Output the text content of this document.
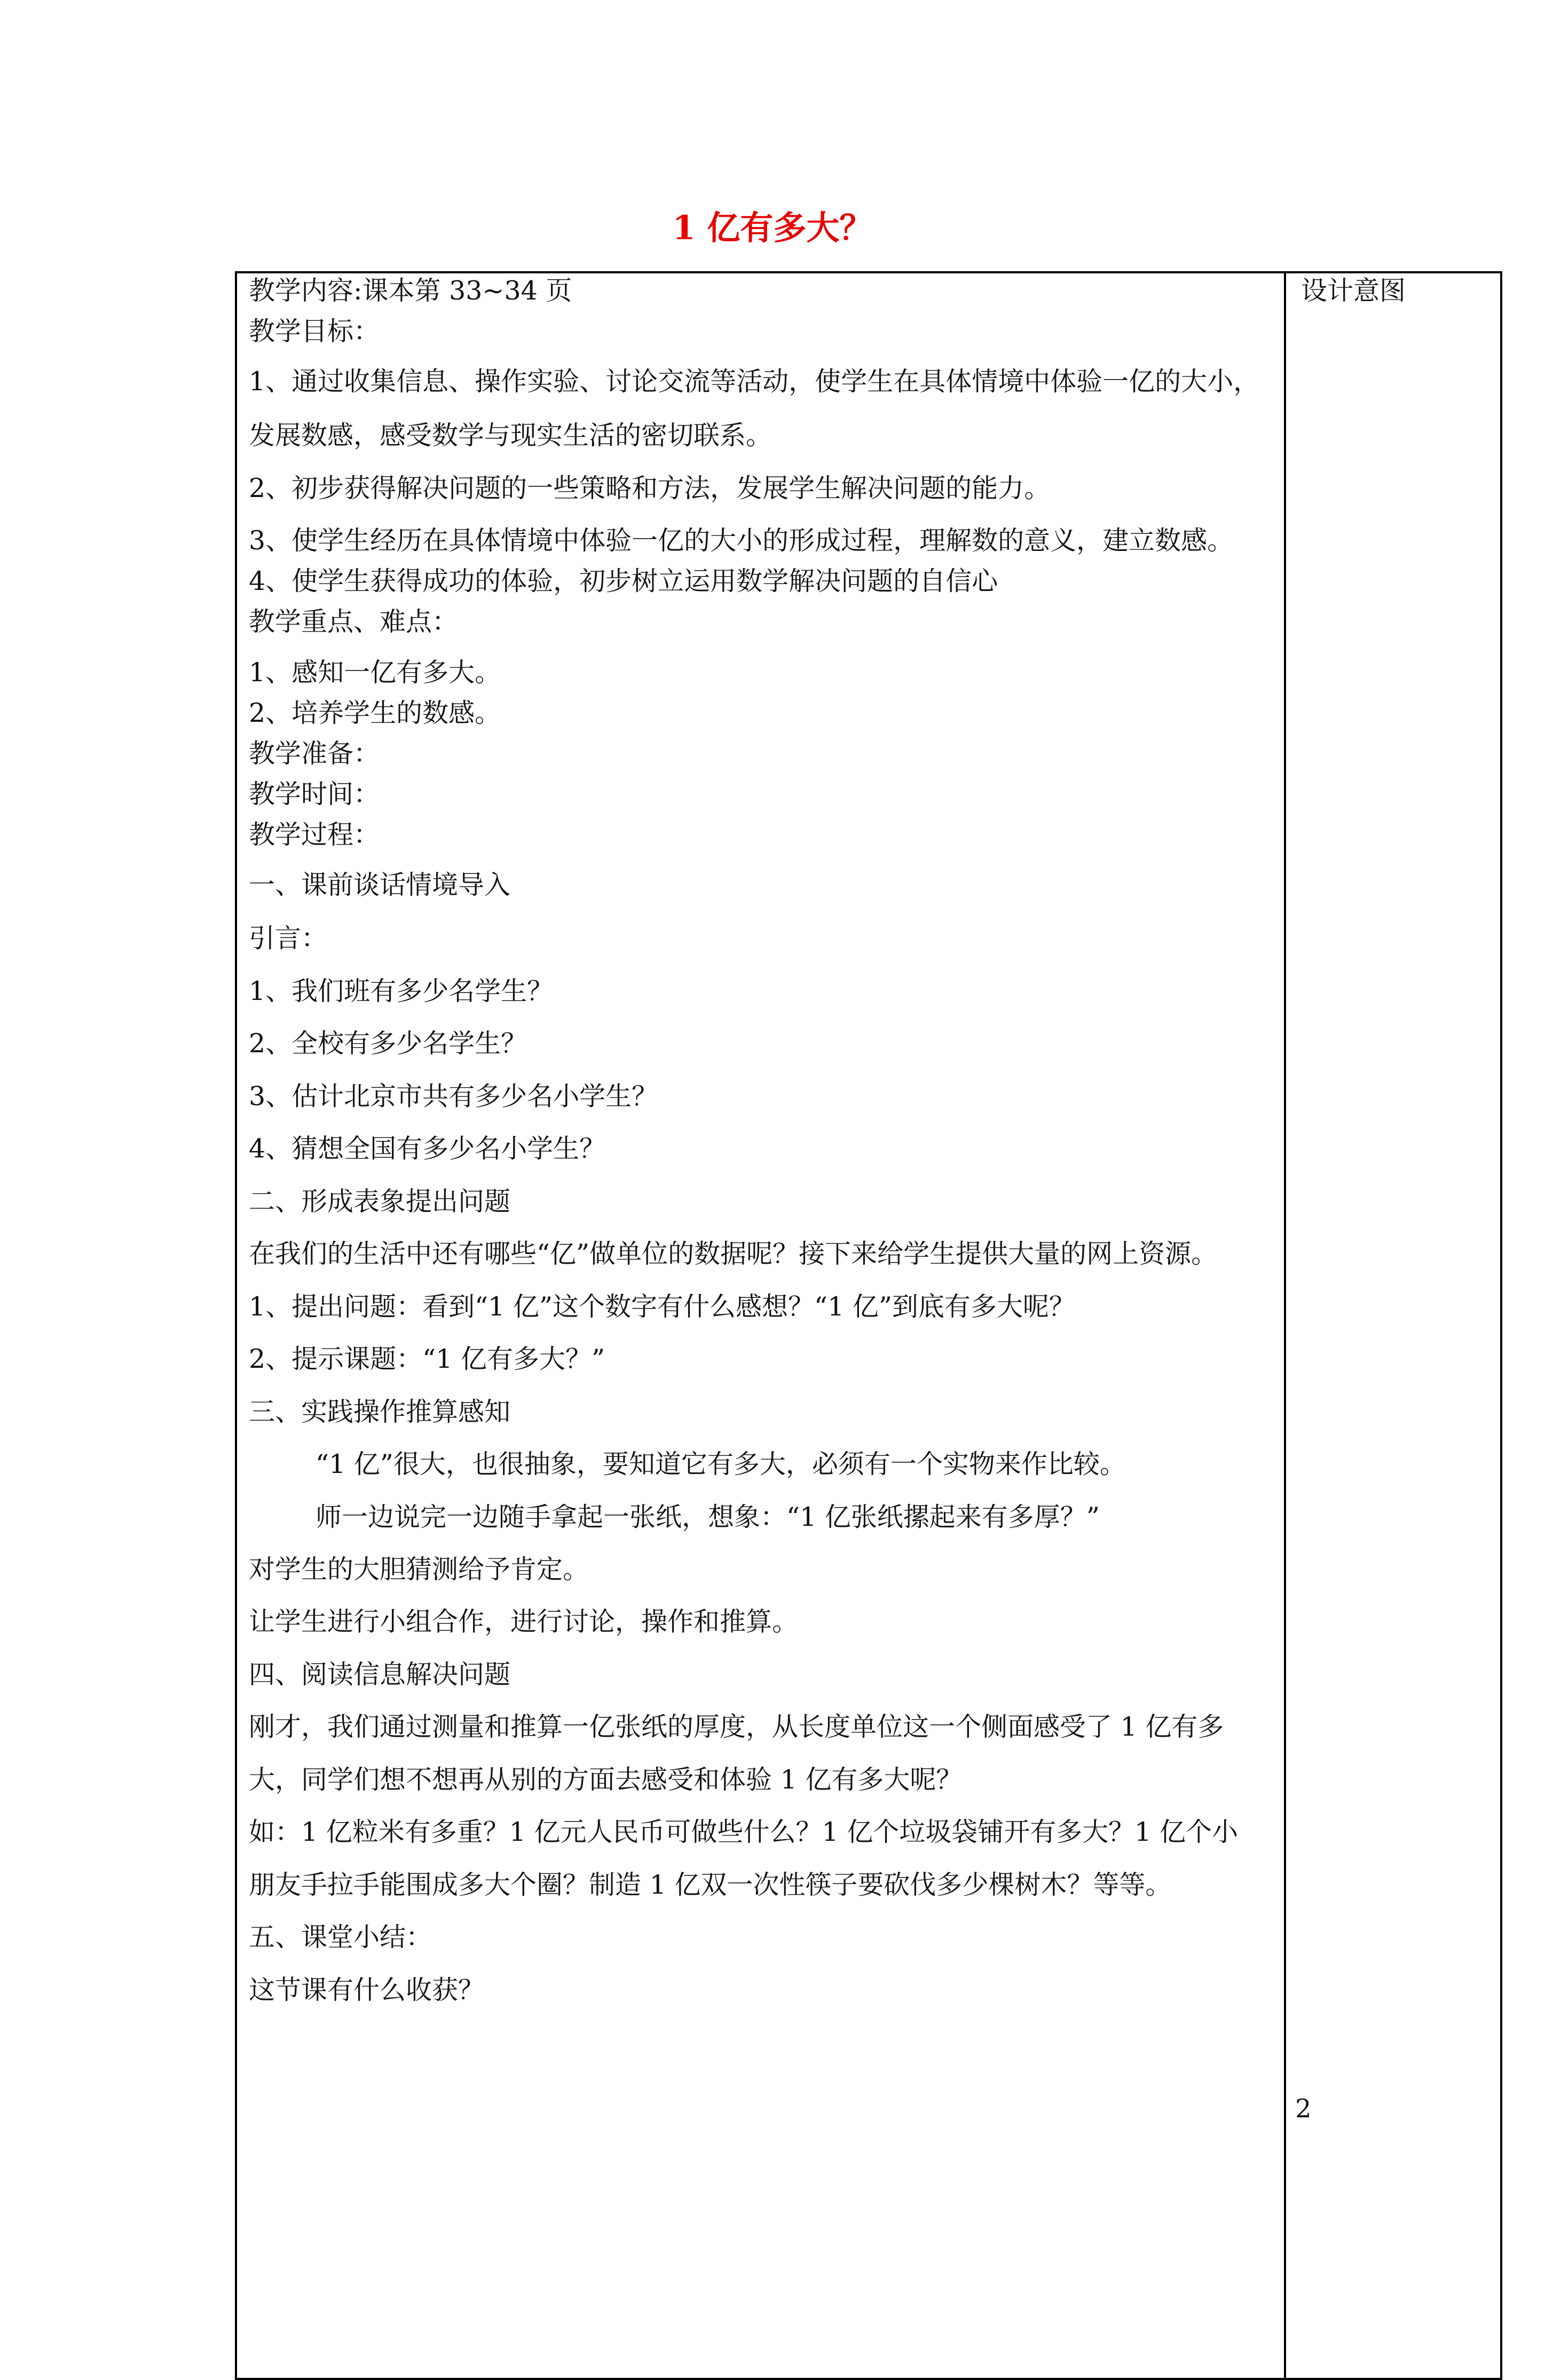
1 亿有多大？
设计意图
教学内容:课本第 33~34 页
教学目标：
1、通过收集信息、操作实验、讨论交流等活动，使学生在具体情境中体验一亿的大小，
发展数感，感受数学与现实生活的密切联系。
2、初步获得解决问题的一些策略和方法，发展学生解决问题的能力。
3、使学生经历在具体情境中体验一亿的大小的形成过程，理解数的意义，建立数感。
4、使学生获得成功的体验，初步树立运用数学解决问题的自信心
教学重点、难点：
1、感知一亿有多大。
2、培养学生的数感。
教学准备：
教学时间：
教学过程：
一、课前谈话情境导入
引言：
1、我们班有多少名学生？
2、全校有多少名学生？
3、估计北京市共有多少名小学生？
4、猜想全国有多少名小学生？
二、形成表象提出问题
在我们的生活中还有哪些“亿”做单位的数据呢？接下来给学生提供大量的网上资源。
1、提出问题：看到“1 亿”这个数字有什么感想？“1 亿”到底有多大呢？
2、提示课题：“1 亿有多大？”
三、实践操作推算感知
“1 亿”很大，也很抽象，要知道它有多大，必须有一个实物来作比较。
师一边说完一边随手拿起一张纸，想象：“1 亿张纸摞起来有多厚？”
对学生的大胆猜测给予肯定。
让学生进行小组合作，进行讨论，操作和推算。
四、阅读信息解决问题
刚才，我们通过测量和推算一亿张纸的厚度，从长度单位这一个侧面感受了 1 亿有多
大，同学们想不想再从别的方面去感受和体验 1 亿有多大呢？
如：1 亿粒米有多重？1 亿元人民币可做些什么？1 亿个垃圾袋铺开有多大？1 亿个小
朋友手拉手能围成多大个圈？制造 1 亿双一次性筷子要砍伐多少棵树木？等等。
五、课堂小结：
这节课有什么收获？
2
